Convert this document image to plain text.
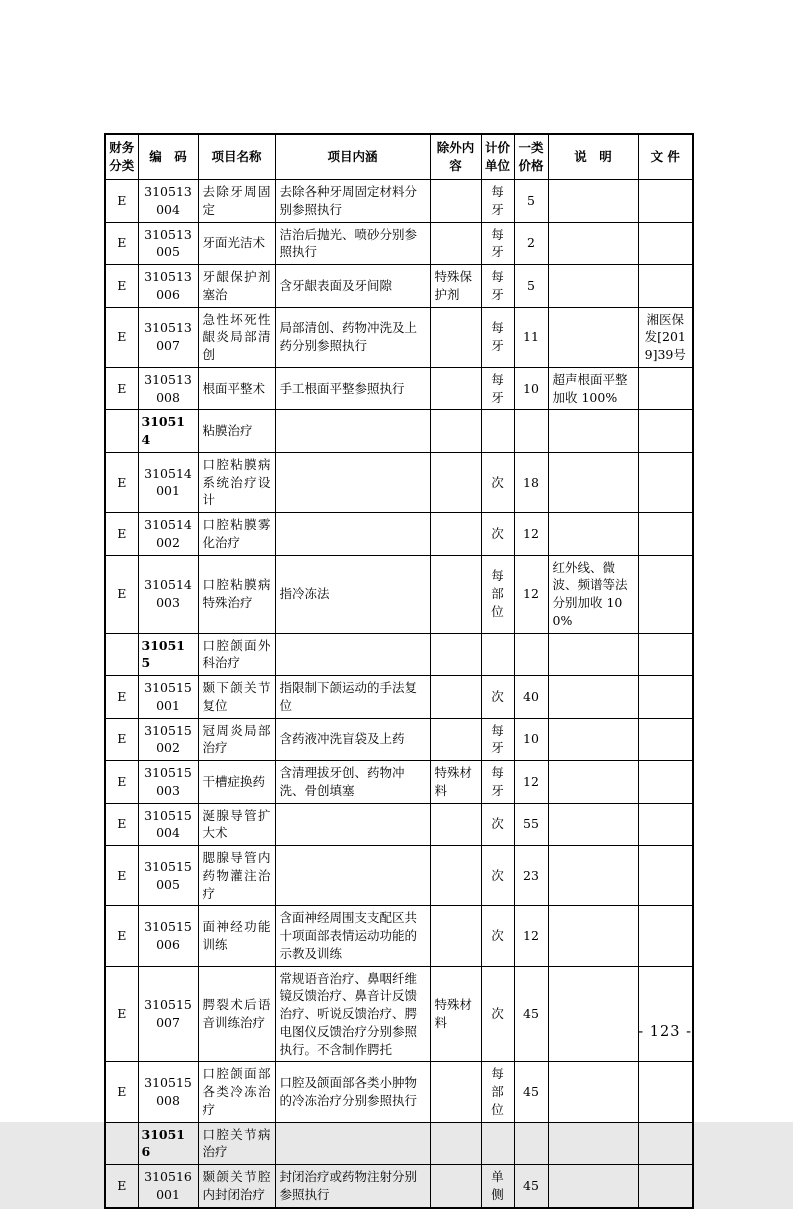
财务分类	编　码	项目名称	项目内涵	除外内容	计价单位	一类价格	说　明	文 件
E	310513004	去除牙周固定	去除各种牙周固定材料分别参照执行		每牙	5		
E	310513005	牙面光洁术	洁治后抛光、喷砂分别参照执行		每牙	2		
E	310513006	牙龈保护剂塞治	含牙龈表面及牙间隙	特殊保护剂	每牙	5		
E	310513007	急性坏死性龈炎局部清创	局部清创、药物冲洗及上药分别参照执行		每牙	11		湘医保发[2019]39号
E	310513008	根面平整术	手工根面平整参照执行		每牙	10	超声根面平整加收 100%	
	310514	粘膜治疗						
E	310514001	口腔粘膜病系统治疗设计			次	18		
E	310514002	口腔粘膜雾化治疗			次	12		
E	310514003	口腔粘膜病特殊治疗	指冷冻法		每部位	12	红外线、微波、频谱等法分别加收 100%	
	310515	口腔颌面外科治疗						
E	310515001	颞下颌关节复位	指限制下颌运动的手法复位		次	40		
E	310515002	冠周炎局部治疗	含药液冲洗盲袋及上药		每牙	10		
E	310515003	干槽症换药	含清理拔牙创、药物冲洗、骨创填塞	特殊材料	每牙	12		
E	310515004	涎腺导管扩大术			次	55		
E	310515005	腮腺导管内药物灌注治疗			次	23		
E	310515006	面神经功能训练	含面神经周围支支配区共十项面部表情运动功能的示教及训练		次	12		
E	310515007	腭裂术后语音训练治疗	常规语音治疗、鼻咽纤维镜反馈治疗、鼻音计反馈治疗、听说反馈治疗、腭电图仪反馈治疗分别参照执行。不含制作腭托	特殊材料	次	45		
E	310515008	口腔颌面部各类冷冻治疗	口腔及颌面部各类小肿物的冷冻治疗分别参照执行		每部位	45		
	310516	口腔关节病治疗						
E	310516001	颞颌关节腔内封闭治疗	封闭治疗或药物注射分别参照执行		单侧	45		
- 123 -
